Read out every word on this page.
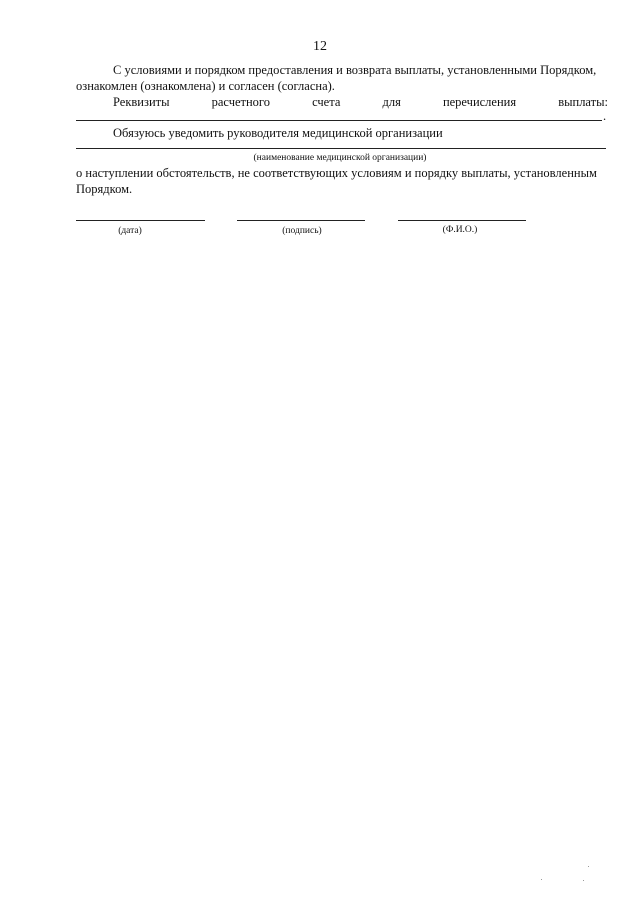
12
С условиями и порядком предоставления и возврата выплаты, установленными Порядком,
ознакомлен (ознакомлена) и согласен (согласна).
Реквизиты	расчетного	счета	для	перечисления	выплаты:
.
Обязуюсь уведомить руководителя медицинской организации
(наименование медицинской организации)
о наступлении обстоятельств, не соответствующих условиям и порядку выплаты, установленным
Порядком.
(дата)	(подпись)	(Ф.И.О.)
